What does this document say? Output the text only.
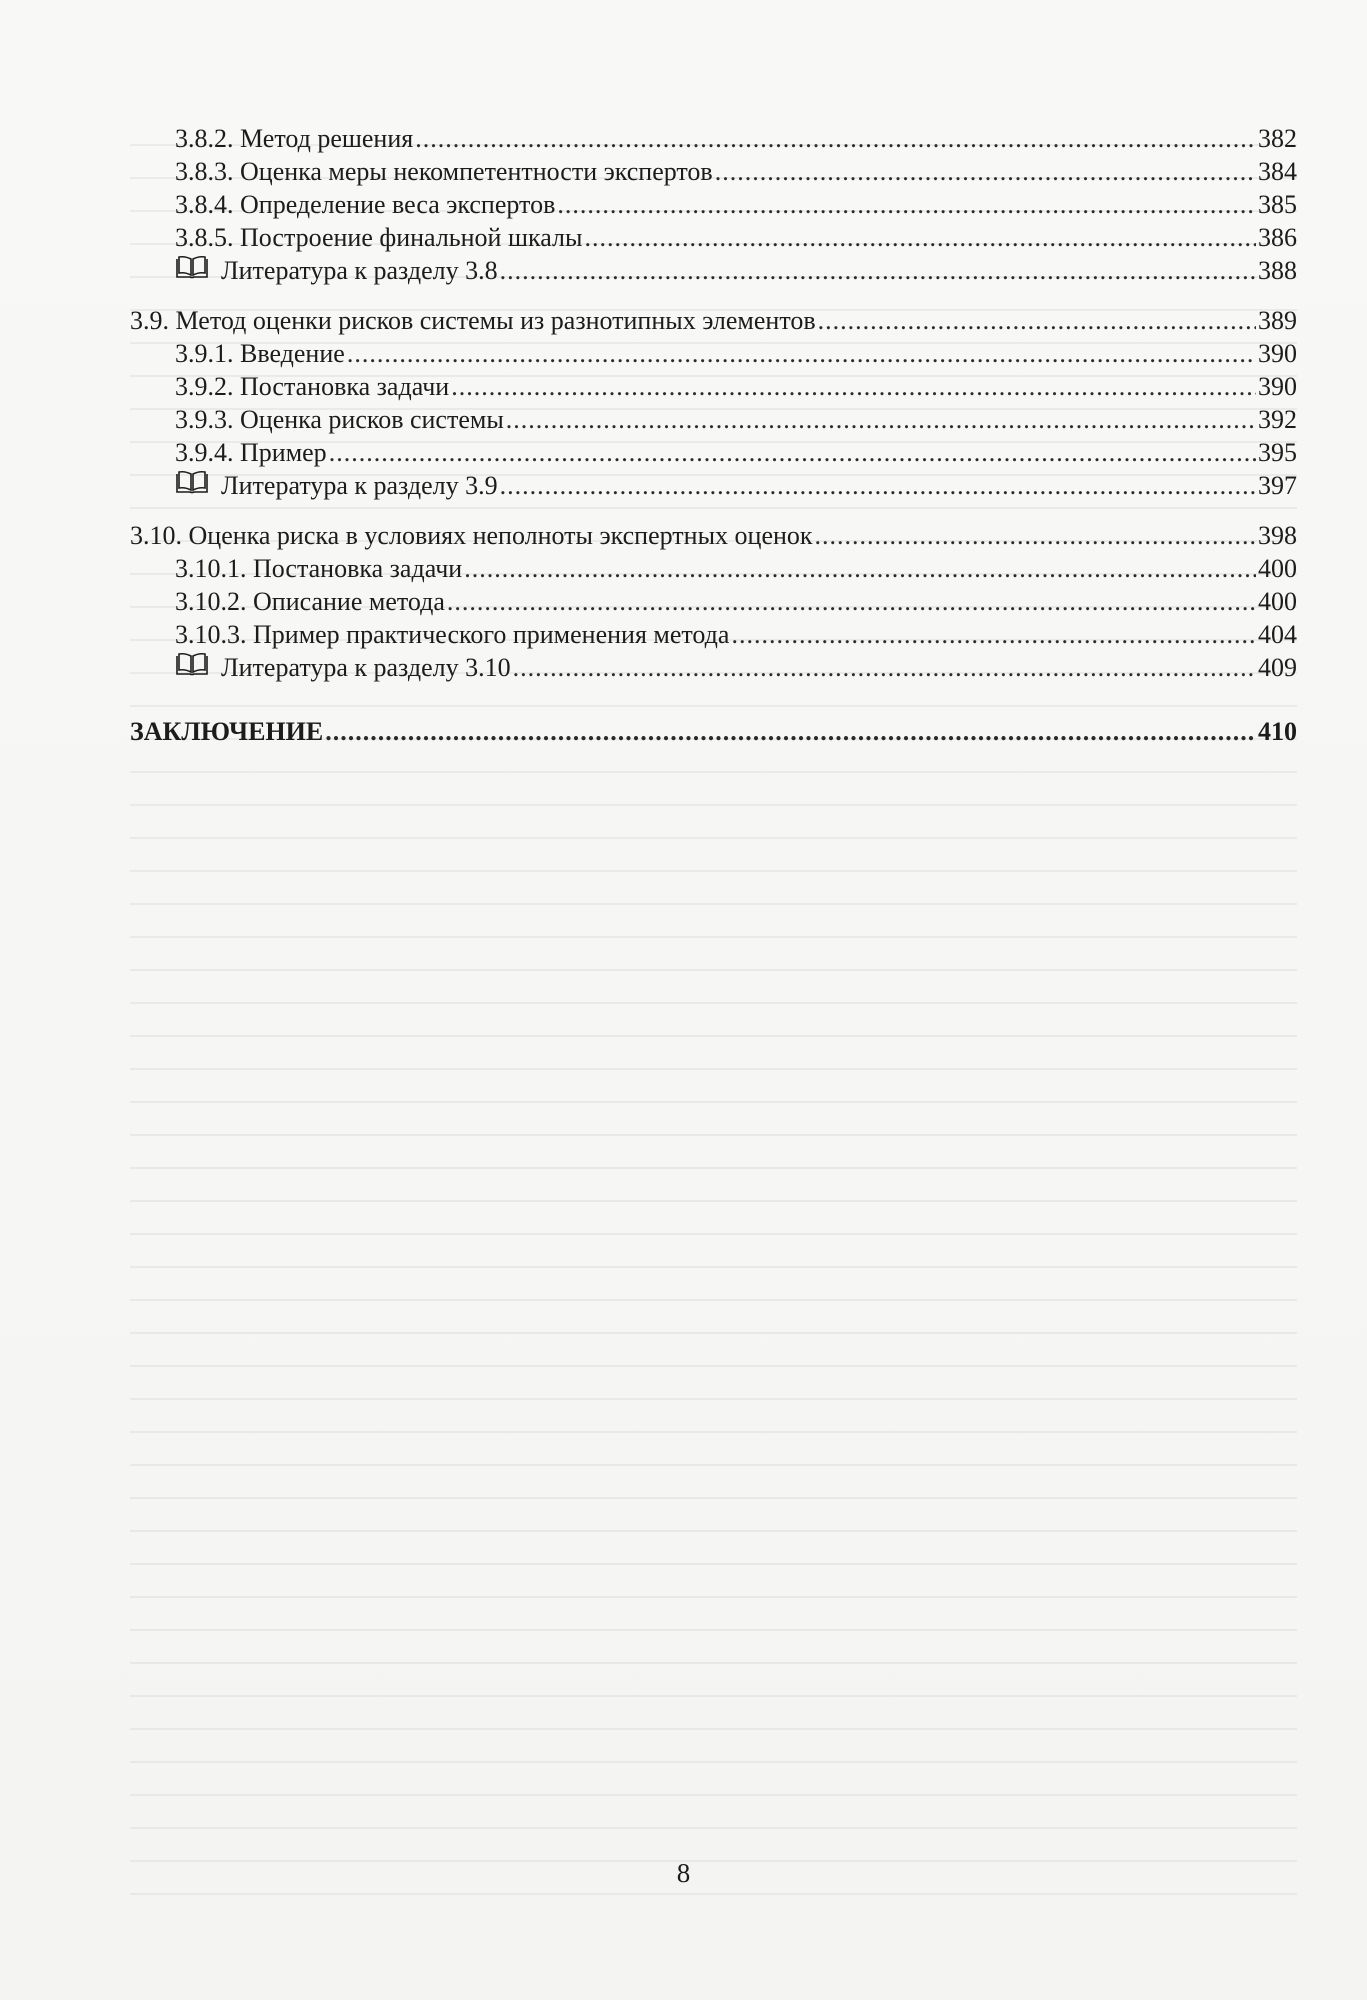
3.8.2. Метод решения .....	382
3.8.3. Оценка меры некомпетентности экспертов .....	384
3.8.4. Определение веса экспертов .....	385
3.8.5. Построение финальной шкалы .....	386
Литература к разделу 3.8 .....	388
3.9. Метод оценки рисков системы из разнотипных элементов .....	389
3.9.1. Введение .....	390
3.9.2. Постановка задачи .....	390
3.9.3. Оценка рисков системы .....	392
3.9.4. Пример .....	395
Литература к разделу 3.9 .....	397
3.10. Оценка риска в условиях неполноты экспертных оценок .....	398
3.10.1. Постановка задачи .....	400
3.10.2. Описание метода .....	400
3.10.3. Пример практического применения метода .....	404
Литература к разделу 3.10 .....	409
ЗАКЛЮЧЕНИЕ .....	410
8
